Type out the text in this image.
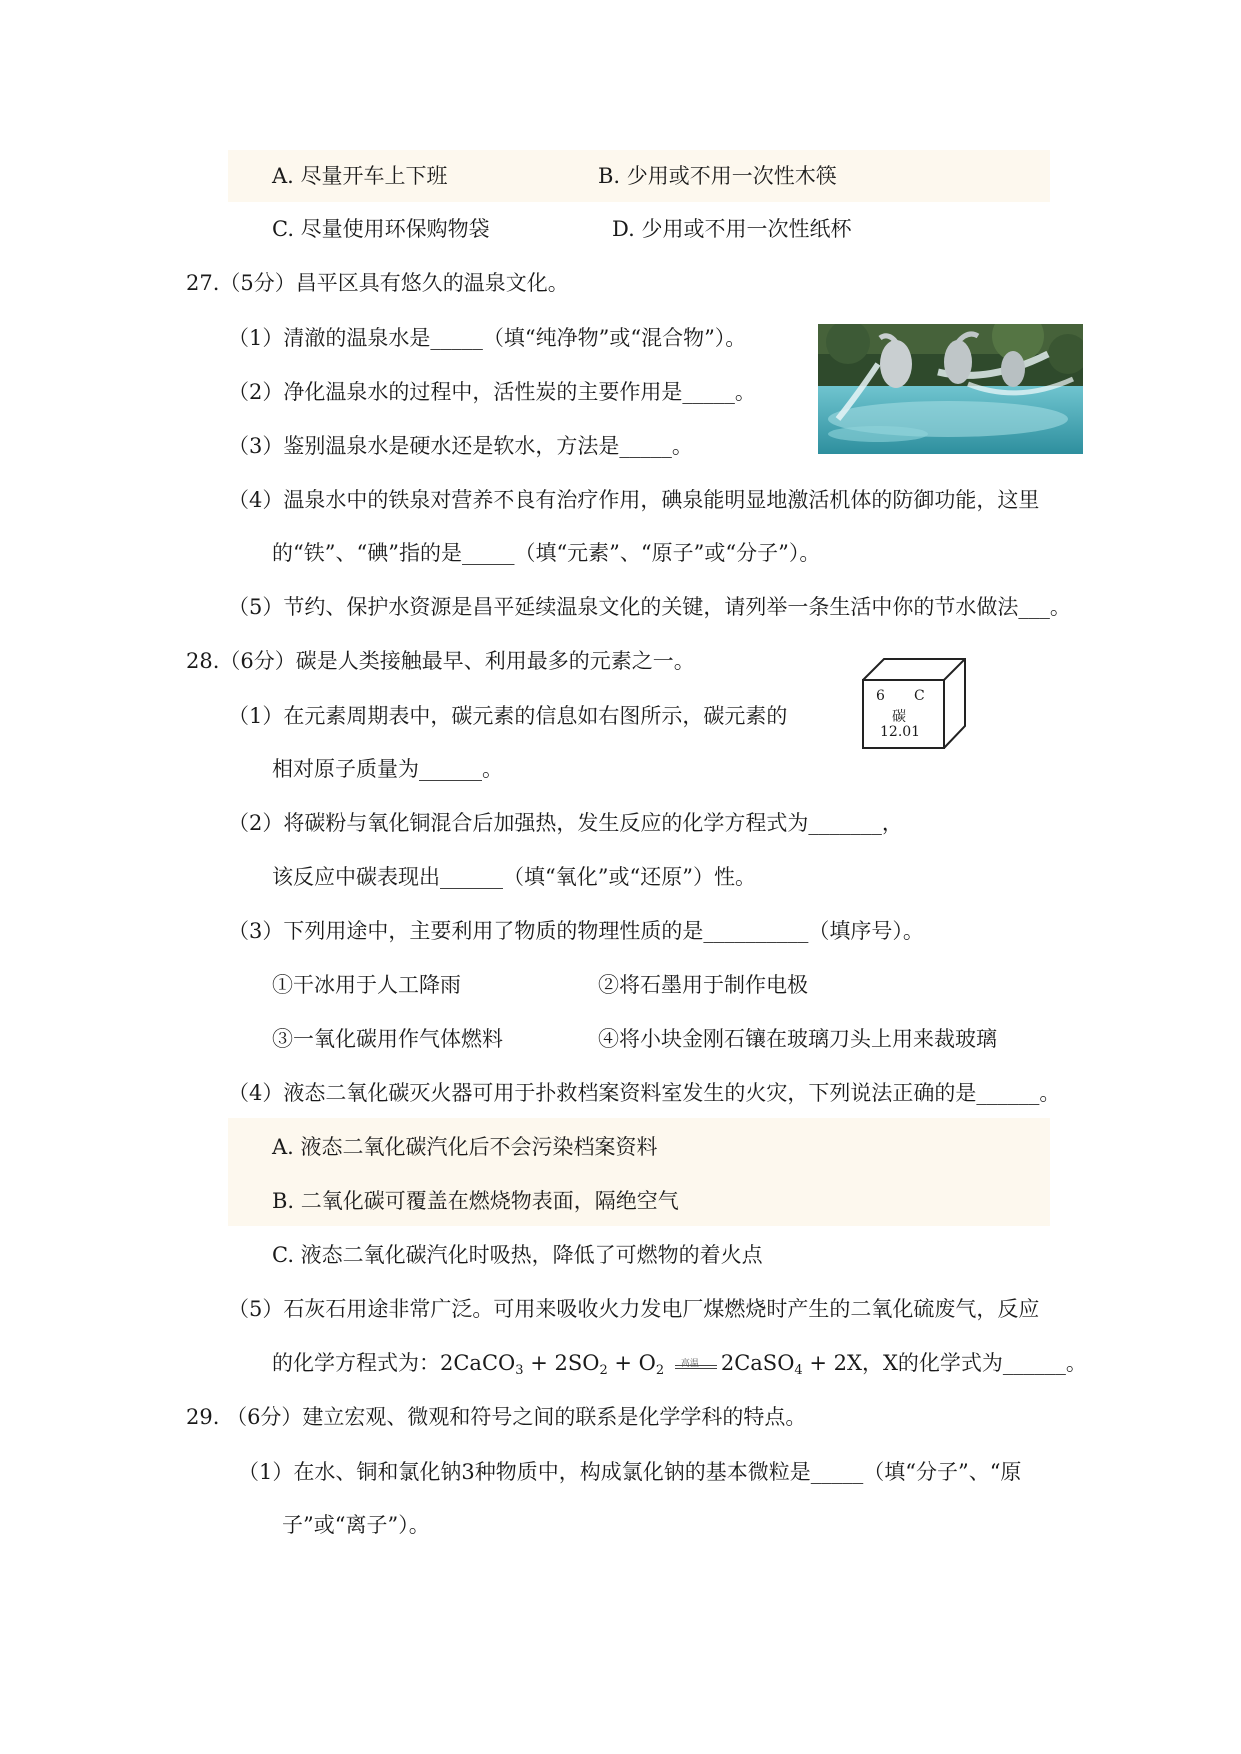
A. 尽量开车上下班	B. 少用或不用一次性木筷
C. 尽量使用环保购物袋	D. 少用或不用一次性纸杯
27.（5分）昌平区具有悠久的温泉文化。
（1）清澈的温泉水是_____（填“纯净物”或“混合物”）。
（2）净化温泉水的过程中，活性炭的主要作用是_____。
（3）鉴别温泉水是硬水还是软水，方法是_____。
（4）温泉水中的铁泉对营养不良有治疗作用，碘泉能明显地激活机体的防御功能，这里
的“铁”、“碘”指的是_____（填“元素”、“原子”或“分子”）。
（5）节约、保护水资源是昌平延续温泉文化的关键，请列举一条生活中你的节水做法___。
28.（6分）碳是人类接触最早、利用最多的元素之一。
（1）在元素周期表中，碳元素的信息如右图所示，碳元素的
相对原子质量为______。
6 C
碳
12.01
（2）将碳粉与氧化铜混合后加强热，发生反应的化学方程式为_______，
该反应中碳表现出______（填“氧化”或“还原”）性。
（3）下列用途中，主要利用了物质的物理性质的是__________（填序号）。
①干冰用于人工降雨	②将石墨用于制作电极
③一氧化碳用作气体燃料	④将小块金刚石镶在玻璃刀头上用来裁玻璃
（4）液态二氧化碳灭火器可用于扑救档案资料室发生的火灾，下列说法正确的是______。
A. 液态二氧化碳汽化后不会污染档案资料
B. 二氧化碳可覆盖在燃烧物表面，隔绝空气
C. 液态二氧化碳汽化时吸热，降低了可燃物的着火点
（5）石灰石用途非常广泛。可用来吸收火力发电厂煤燃烧时产生的二氧化硫废气，反应
的化学方程式为：2CaCO$_3$ + $2SO_2 + O_2$ 高温 2CaSO$_4$ + 2X，X的化学式为______。
29. （6分）建立宏观、微观和符号之间的联系是化学学科的特点。
（1）在水、铜和氯化钠3种物质中，构成氯化钠的基本微粒是_____（填“分子”、“原
子”或“离子”）。
